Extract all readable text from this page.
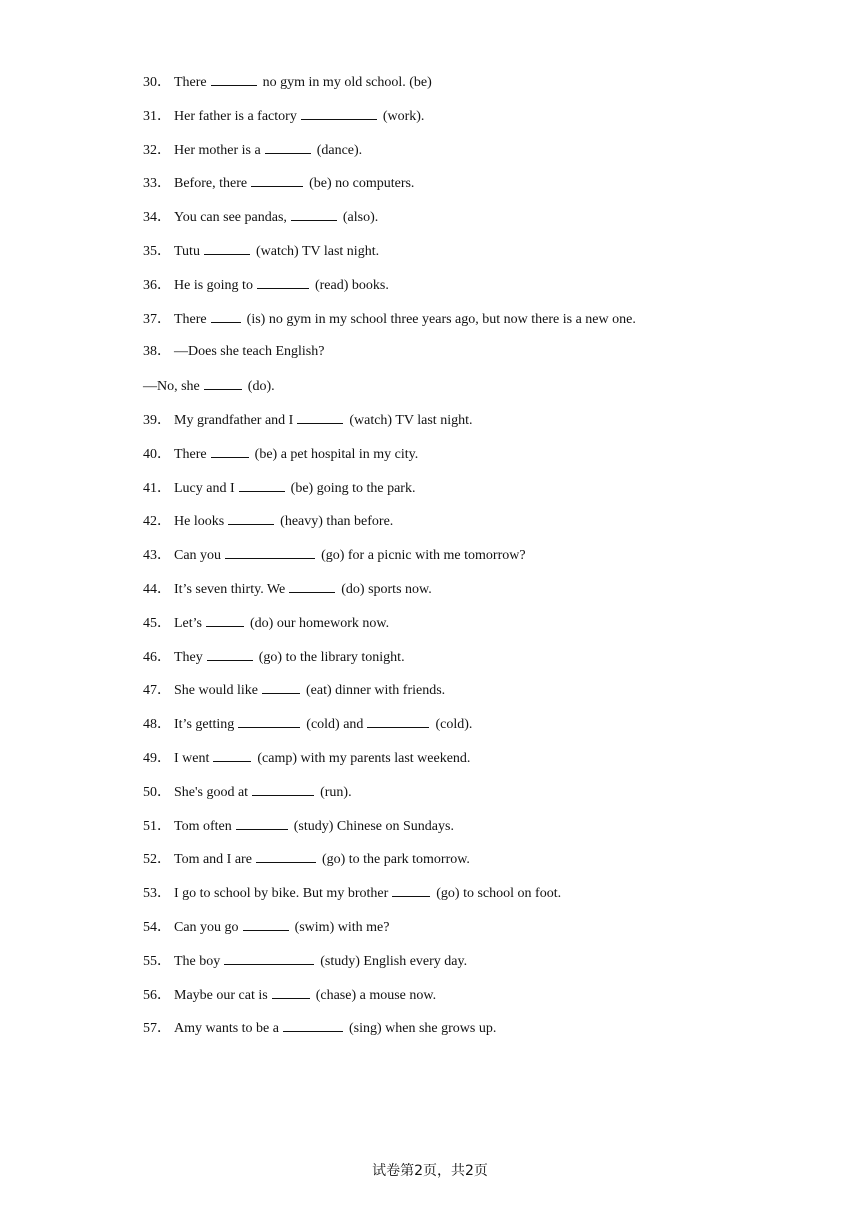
30． There	no gym in my old school. (be)
31． Her father is a factory	(work).
32． Her mother is a	(dance).
33． Before, there	(be) no computers.
34． You can see pandas,	(also).
35． Tutu	(watch) TV last night.
36． He is going to	(read) books.
37． There	(is) no gym in my school three years ago, but now there is a new one.
38． —Does she teach English?
—No, she	(do).
39． My grandfather and I	(watch) TV last night.
40． There	(be) a pet hospital in my city.
41． Lucy and I	(be) going to the park.
42． He looks	(heavy) than before.
43． Can you	(go) for a picnic with me tomorrow?
44． It’s seven thirty. We	(do) sports now.
45． Let’s	(do) our homework now.
46． They	(go) to the library tonight.
47． She would like	(eat) dinner with friends.
48． It’s getting	(cold) and	(cold).
49． I went	(camp) with my parents last weekend.
50． She's good at	(run).
51． Tom often	(study) Chinese on Sundays.
52． Tom and I are	(go) to the park tomorrow.
53． I go to school by bike. But my brother	(go) to school on foot.
54． Can you go	(swim) with me?
55． The boy	(study) English every day.
56． Maybe our cat is	(chase) a mouse now.
57． Amy wants to be a	(sing) when she grows up.
试卷第2页，共2页
